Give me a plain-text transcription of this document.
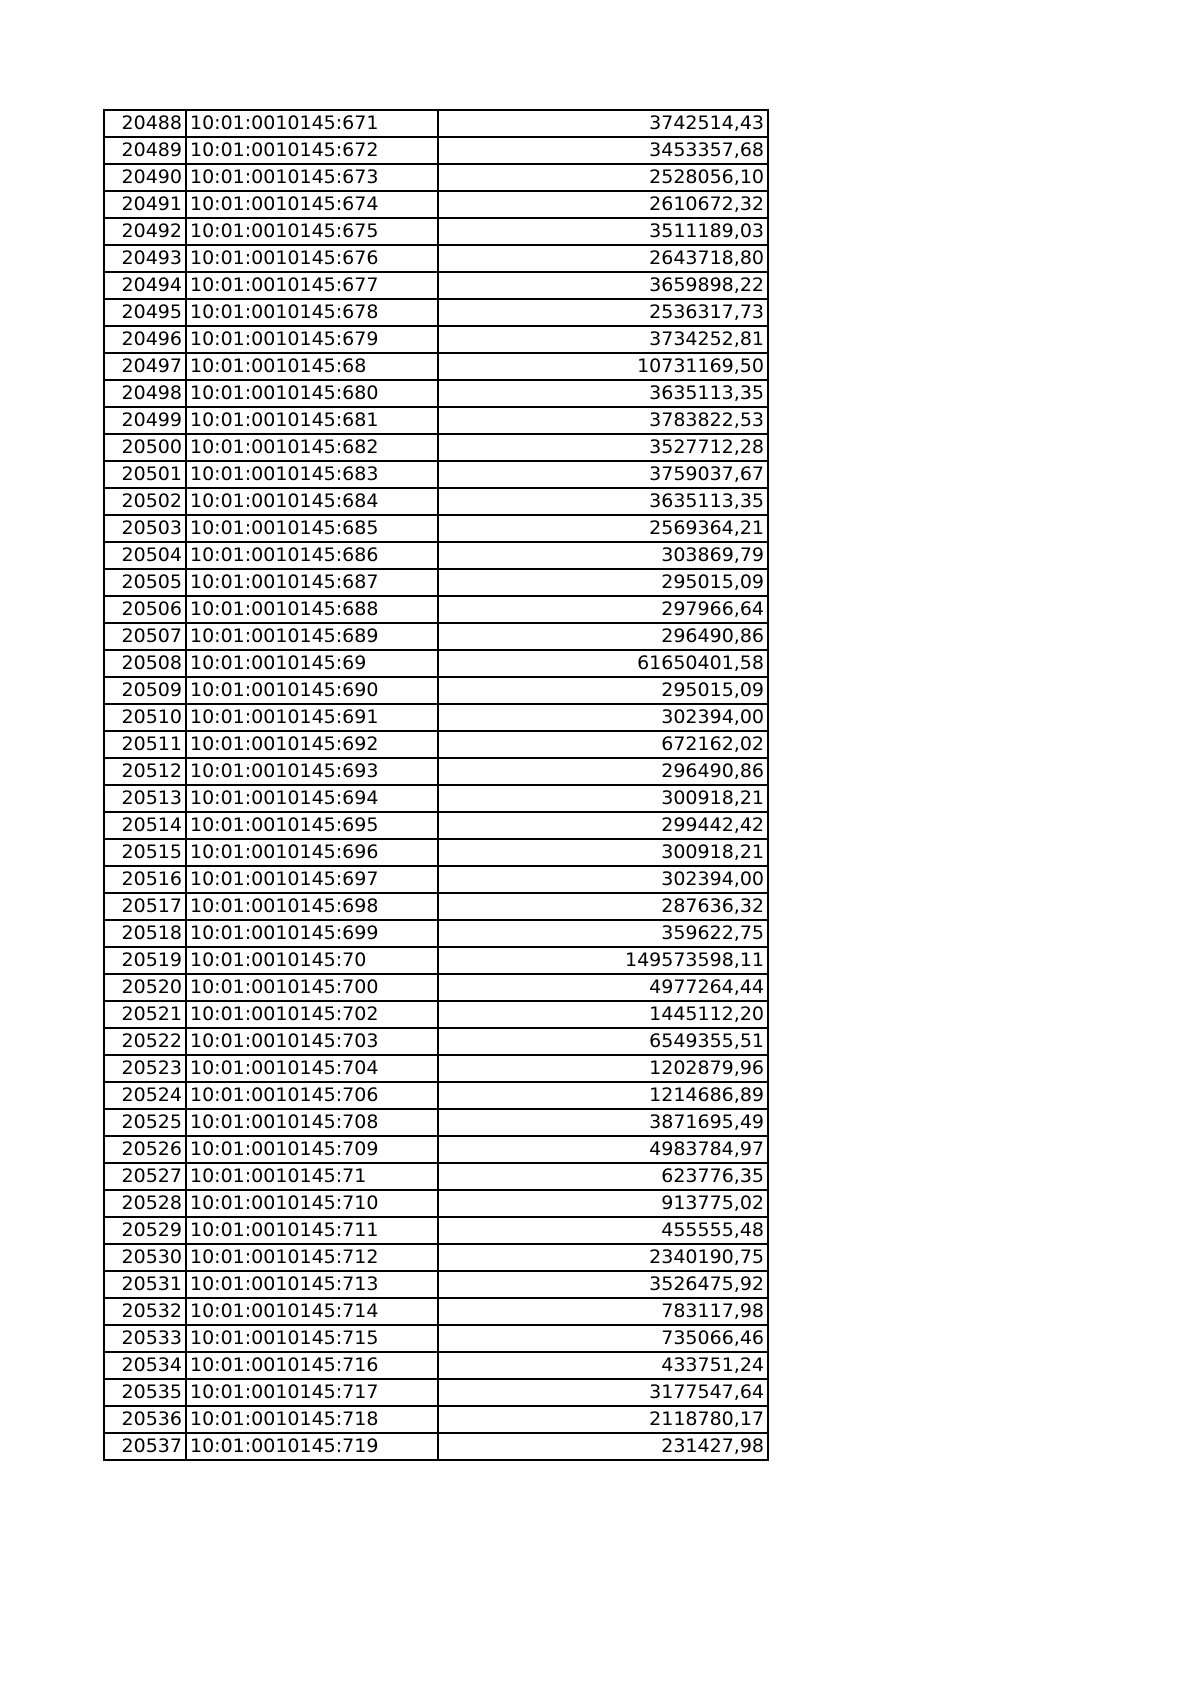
20488	10:01:0010145:671	3742514,43
20489	10:01:0010145:672	3453357,68
20490	10:01:0010145:673	2528056,10
20491	10:01:0010145:674	2610672,32
20492	10:01:0010145:675	3511189,03
20493	10:01:0010145:676	2643718,80
20494	10:01:0010145:677	3659898,22
20495	10:01:0010145:678	2536317,73
20496	10:01:0010145:679	3734252,81
20497	10:01:0010145:68	10731169,50
20498	10:01:0010145:680	3635113,35
20499	10:01:0010145:681	3783822,53
20500	10:01:0010145:682	3527712,28
20501	10:01:0010145:683	3759037,67
20502	10:01:0010145:684	3635113,35
20503	10:01:0010145:685	2569364,21
20504	10:01:0010145:686	303869,79
20505	10:01:0010145:687	295015,09
20506	10:01:0010145:688	297966,64
20507	10:01:0010145:689	296490,86
20508	10:01:0010145:69	61650401,58
20509	10:01:0010145:690	295015,09
20510	10:01:0010145:691	302394,00
20511	10:01:0010145:692	672162,02
20512	10:01:0010145:693	296490,86
20513	10:01:0010145:694	300918,21
20514	10:01:0010145:695	299442,42
20515	10:01:0010145:696	300918,21
20516	10:01:0010145:697	302394,00
20517	10:01:0010145:698	287636,32
20518	10:01:0010145:699	359622,75
20519	10:01:0010145:70	149573598,11
20520	10:01:0010145:700	4977264,44
20521	10:01:0010145:702	1445112,20
20522	10:01:0010145:703	6549355,51
20523	10:01:0010145:704	1202879,96
20524	10:01:0010145:706	1214686,89
20525	10:01:0010145:708	3871695,49
20526	10:01:0010145:709	4983784,97
20527	10:01:0010145:71	623776,35
20528	10:01:0010145:710	913775,02
20529	10:01:0010145:711	455555,48
20530	10:01:0010145:712	2340190,75
20531	10:01:0010145:713	3526475,92
20532	10:01:0010145:714	783117,98
20533	10:01:0010145:715	735066,46
20534	10:01:0010145:716	433751,24
20535	10:01:0010145:717	3177547,64
20536	10:01:0010145:718	2118780,17
20537	10:01:0010145:719	231427,98
